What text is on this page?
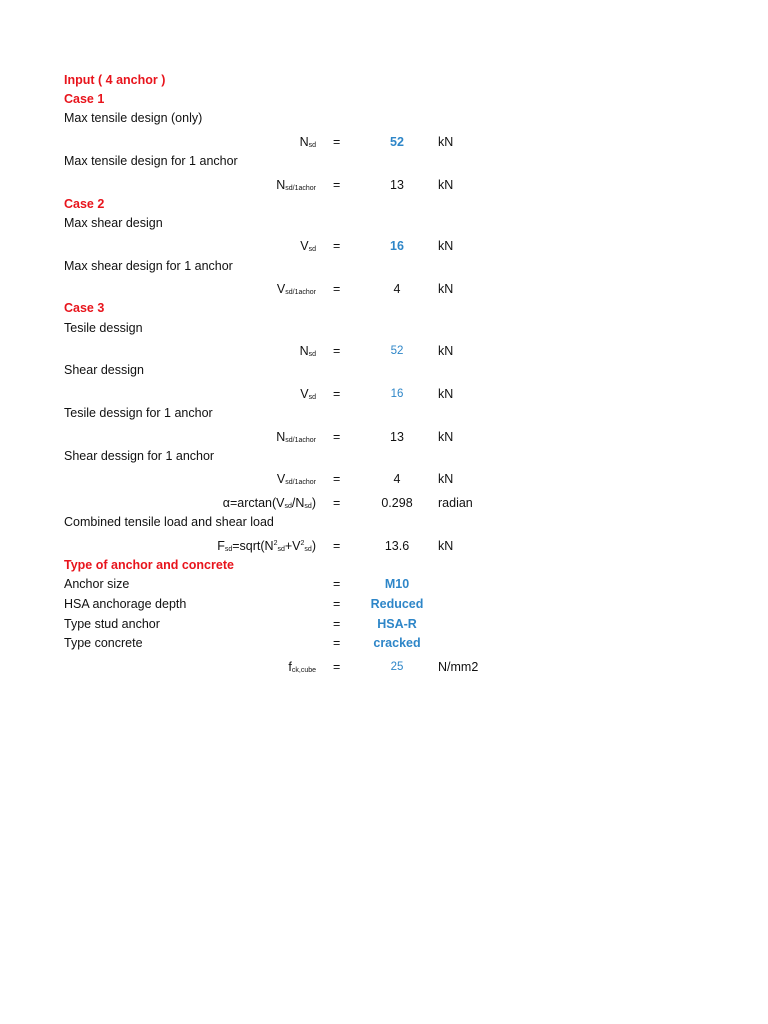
Input ( 4 anchor )
Case 1
Max tensile design (only)
$N_{sd}$ =	52	kN
Max tensile design for 1 anchor
$N_{sd/1achor}$ =	13	kN
Case 2
Max shear design
$V_{sd}$ =	16	kN
Max shear design for 1 anchor
$V_{sd/1achor}$ =	4	kN
Case 3
Tesile dessign
$N_{sd}$ =	52	kN
Shear dessign
$V_{sd}$ =	16	kN
Tesile dessign for 1 anchor
$N_{sd/1achor}$ =	13	kN
Shear dessign for 1 anchor
$V_{sd/1achor}$ =	4	kN
$\alpha=\arctan(V_{sd}/N_{sd})$ =	0.298 radian
Combined tensile load and shear load
$F_{sd}=sqrt(N^2_{sd}+V^2_{sd})$ =	13.6 kN
Type of anchor and concrete
Anchor size	=	M10
HSA anchorage depth	= Reduced
Type stud anchor	=	HSA-R
Type concrete	=	cracked
$f_{ck,cube}$ =	25	N/mm2
